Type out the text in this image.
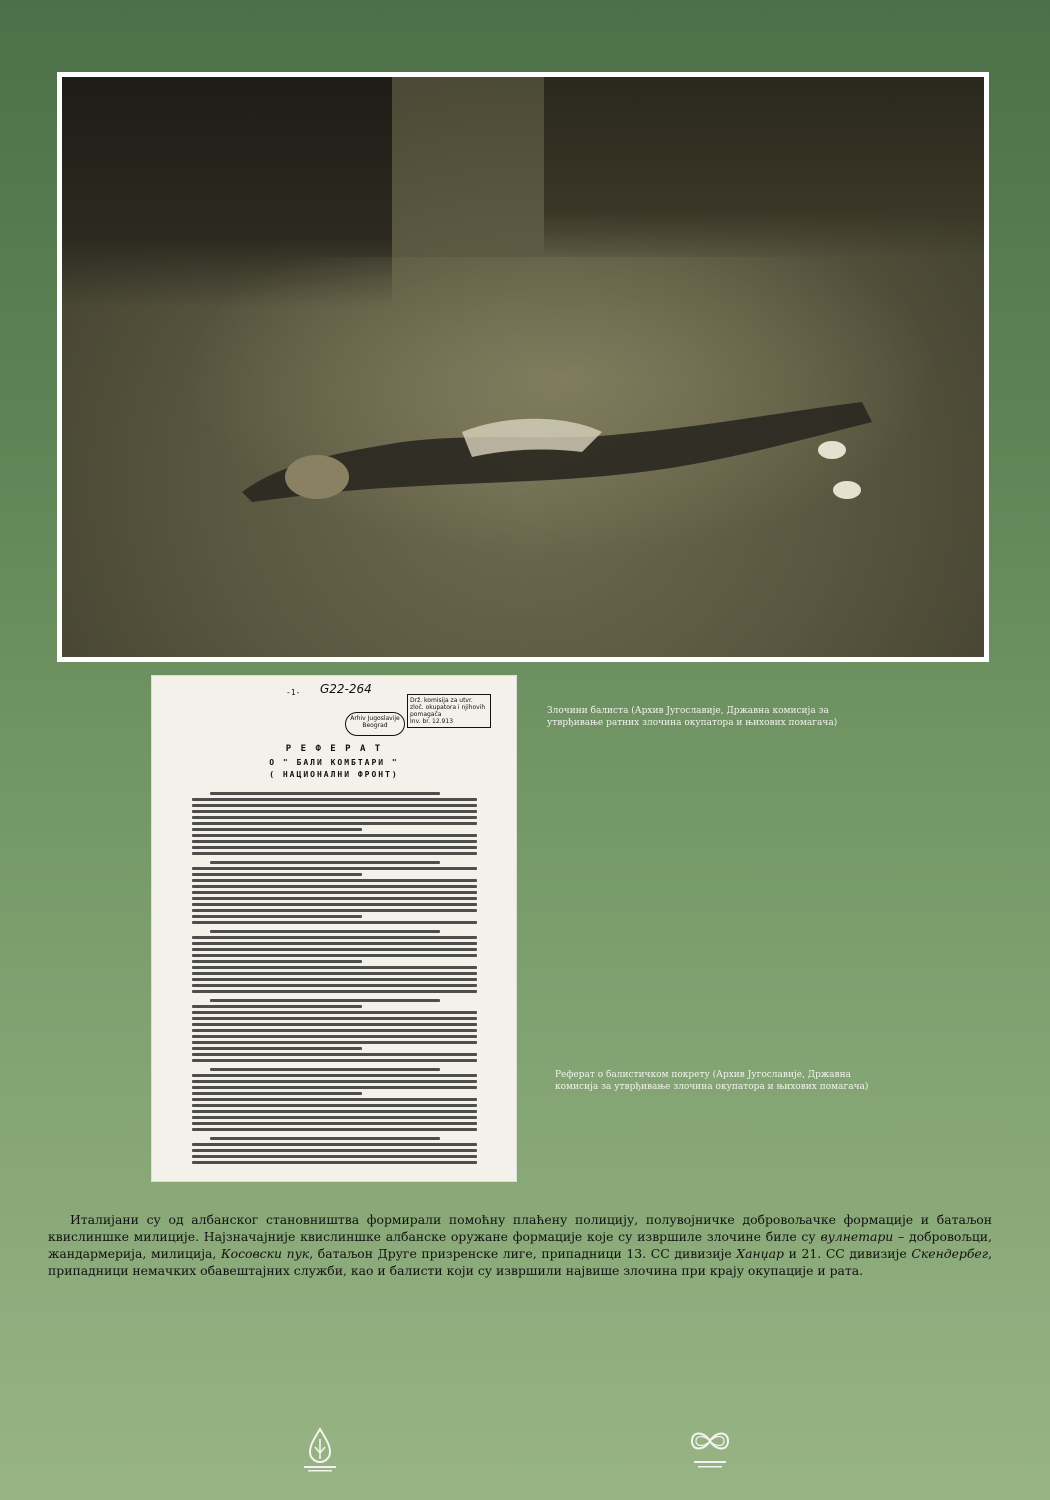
-1- G22-264
Arhiv Jugoslavije Beograd
Drž. komisija za utvr. zloč. okupatora i njihovih pomagača
Inv. br. 12.913
Р Е Ф Е Р А Т
О " БАЛИ КОМБТАРИ "
( НАЦИОНАЛНИ ФРОНТ)
Злочини балиста (Архив Југославије, Државна комисија за утврђивање ратних злочина окупатора и њихових помагача)
Реферат о балистичком покрету (Архив Југославије, Државна комисија за утврђивање злочина окупатора и њихових помагача)

Италијани су од албанског становништва формирали помоћну плаћену полицију, полувојничке добровољачке формације и батаљон квислиншке милиције. Најзначајније квислиншке албанске оружане формације које су извршиле злочине биле су вулнетари – добровољци, жандармерија, милиција, Косовски пук, батаљон Друге призренске лиге, припадници 13. СС дивизије Ханџар и 21. СС дивизије Скендербег, припадници немачких обавештајних служби, као и балисти који су извршили највише злочина при крају окупације и рата.
